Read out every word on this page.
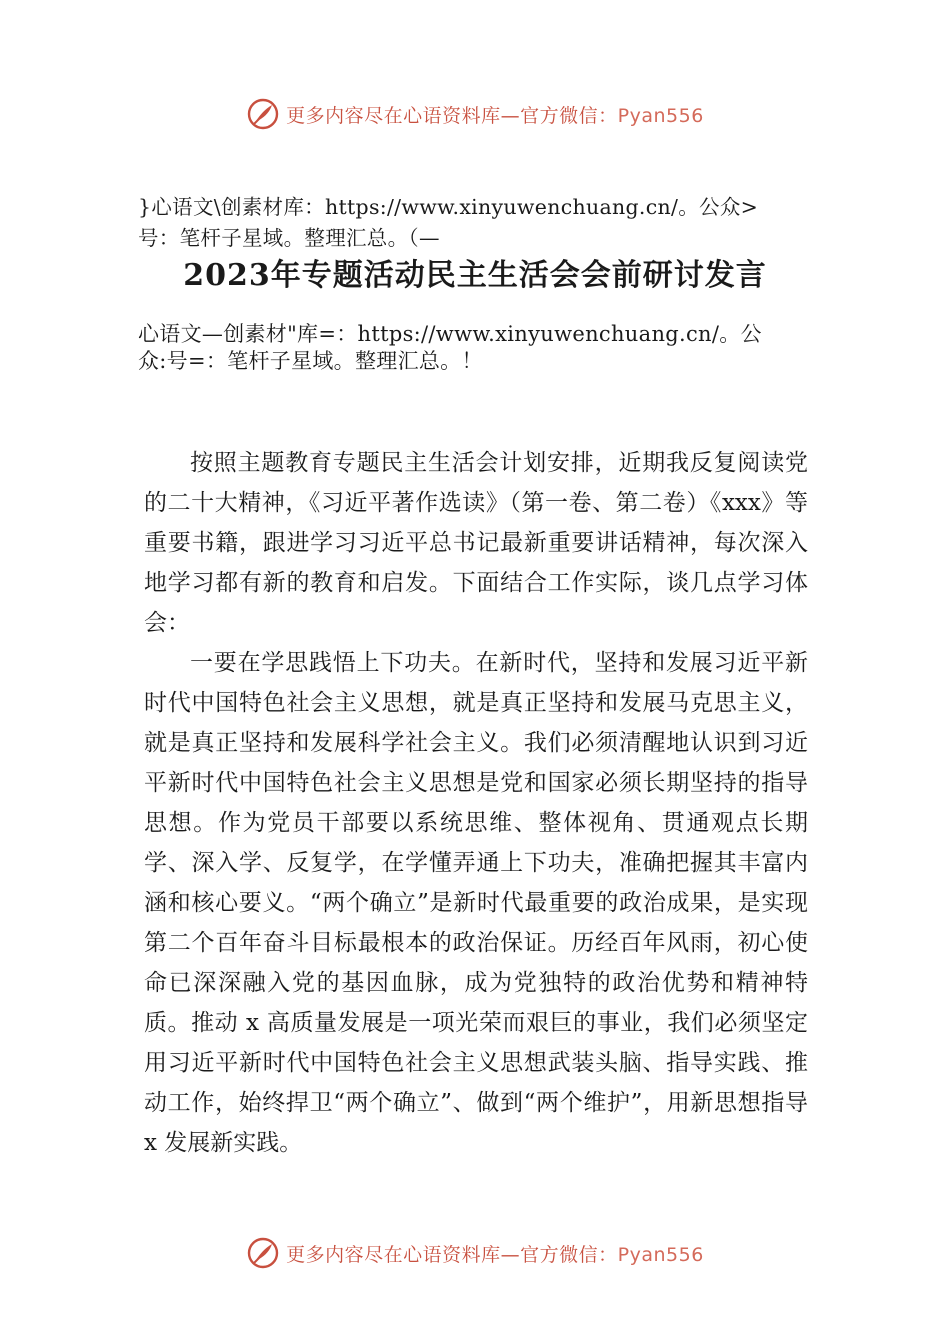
更多内容尽在心语资料库—官方微信：Pyan556
}心语文\创素材库：https://www.xinyuwenchuang.cn/。公众>
号：笔杆子星域。整理汇总。（—
2023年专题活动民主生活会会前研讨发言
心语文—创素材"库=：https://www.xinyuwenchuang.cn/。公
众:号=：笔杆子星域。整理汇总。！

按照主题教育专题民主生活会计划安排，近期我反复阅读党的二十大精神，《习近平著作选读》（第一卷、第二卷）《xxx》等重要书籍，跟进学习习近平总书记最新重要讲话精神，每次深入地学习都有新的教育和启发。下面结合工作实际，谈几点学习体会：

一要在学思践悟上下功夫。在新时代，坚持和发展习近平新时代中国特色社会主义思想，就是真正坚持和发展马克思主义，就是真正坚持和发展科学社会主义。我们必须清醒地认识到习近平新时代中国特色社会主义思想是党和国家必须长期坚持的指导思想。作为党员干部要以系统思维、整体视角、贯通观点长期学、深入学、反复学，在学懂弄通上下功夫，准确把握其丰富内涵和核心要义。“两个确立”是新时代最重要的政治成果，是实现第二个百年奋斗目标最根本的政治保证。历经百年风雨，初心使命已深深融入党的基因血脉，成为党独特的政治优势和精神特质。推动 x 高质量发展是一项光荣而艰巨的事业，我们必须坚定用习近平新时代中国特色社会主义思想武装头脑、指导实践、推动工作，始终捍卫“两个确立”、做到“两个维护”，用新思想指导 x 发展新实践。

更多内容尽在心语资料库—官方微信：Pyan556
